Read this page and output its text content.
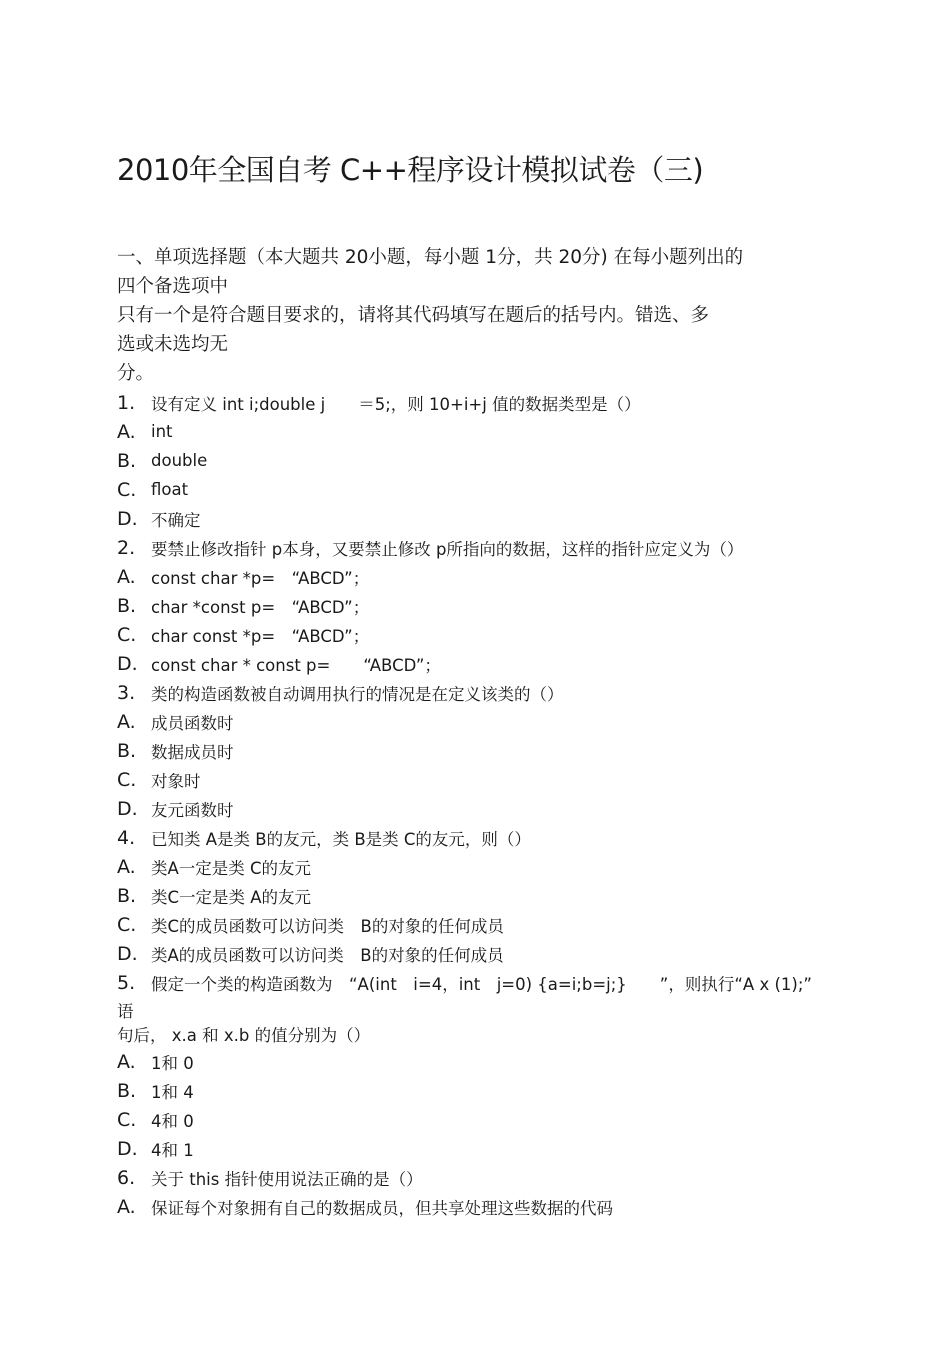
2010年全国自考 C++程序设计模拟试卷（三)
一、单项选择题（本大题共 20小题，每小题 1分，共 20分) 在每小题列出的
四个备选项中
只有一个是符合题目要求的，请将其代码填写在题后的括号内。错选、多
选或未选均无
分。
1. 设有定义 int i;double j　　＝5;，则 10+i+j 值的数据类型是（）
A. int
B. double
C. float
D. 不确定
2. 要禁止修改指针 p本身，又要禁止修改 p所指向的数据，这样的指针应定义为（）
A. const char *p=　“ABCD”；
B. char *const p=　“ABCD”；
C. char const *p=　“ABCD”；
D. const char * const p=　　“ABCD”；
3. 类的构造函数被自动调用执行的情况是在定义该类的（）
A. 成员函数时
B. 数据成员时
C. 对象时
D. 友元函数时
4. 已知类 A是类 B的友元，类 B是类 C的友元，则（）
A. 类A一定是类 C的友元
B. 类C一定是类 A的友元
C. 类C的成员函数可以访问类　B的对象的任何成员
D. 类A的成员函数可以访问类　B的对象的任何成员
5. 假定一个类的构造函数为　“A(int　i=4，int　j=0) {a=i;b=j;}　　”，则执行“A x (1);”
语
句后， x.a 和 x.b 的值分别为（）
A. 1和 0
B. 1和 4
C. 4和 0
D. 4和 1
6. 关于 this 指针使用说法正确的是（）
A. 保证每个对象拥有自己的数据成员，但共享处理这些数据的代码
